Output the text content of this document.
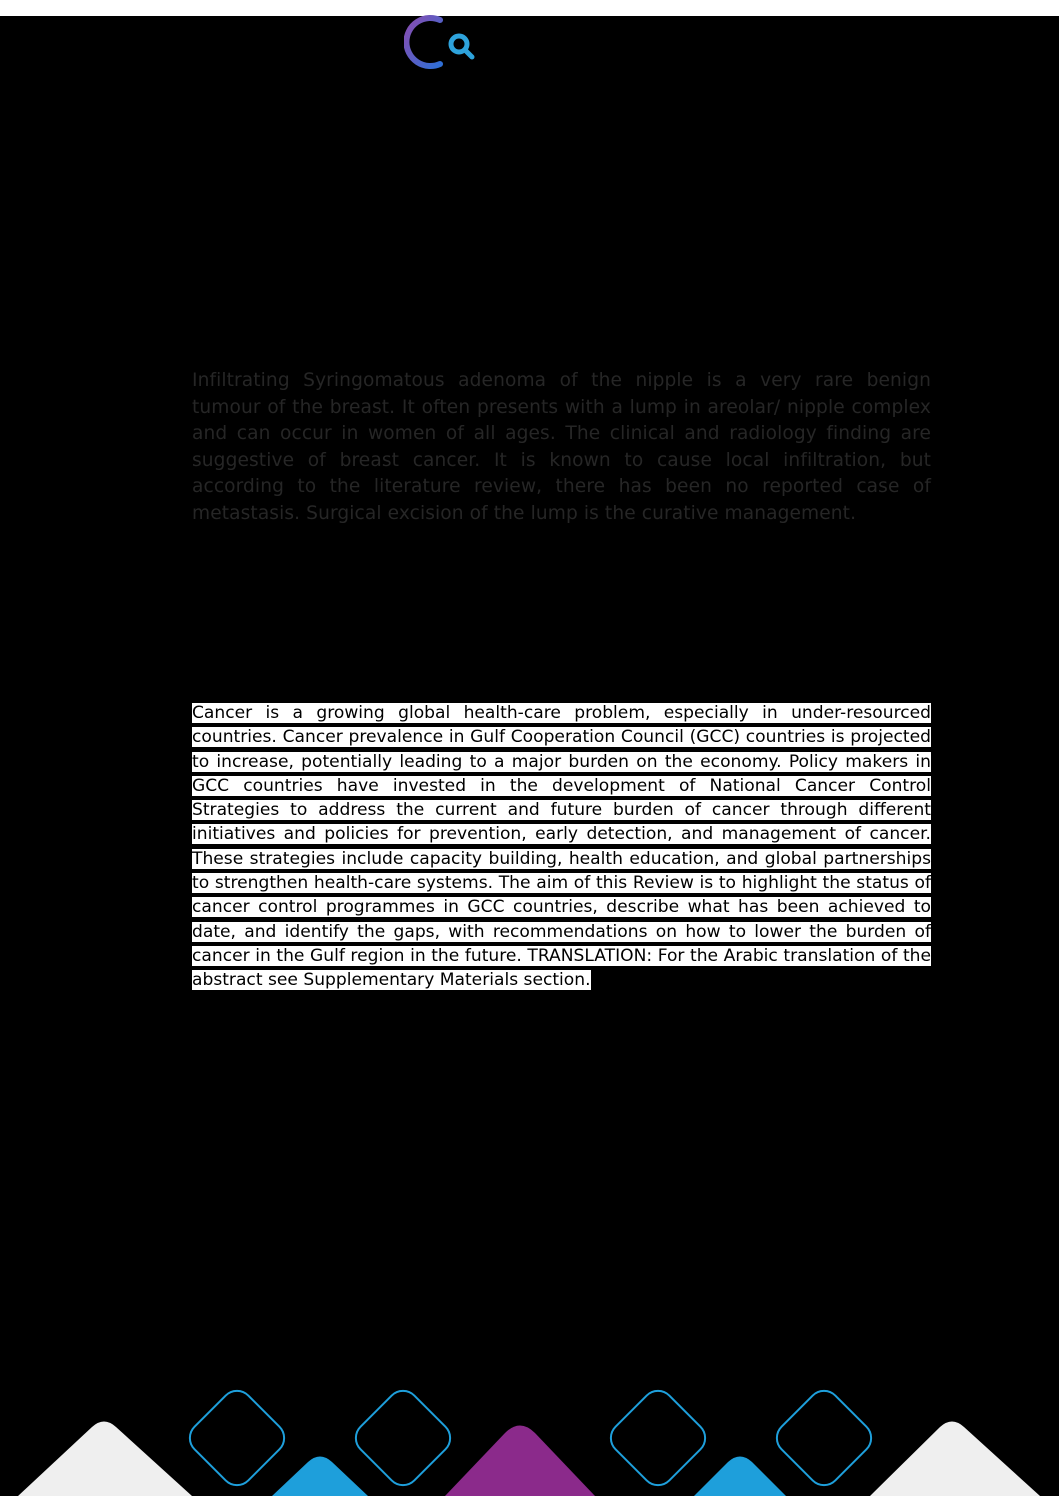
Infiltrating Syringomatous adenoma of the nipple is a very rare benign tumour of the breast. It often presents with a lump in areolar/ nipple complex and can occur in women of all ages. The clinical and radiology finding are suggestive of breast cancer. It is known to cause local infiltration, but according to the literature review, there has been no reported case of metastasis. Surgical excision of the lump is the curative management.

Cancer is a growing global health-care problem, especially in under-resourced countries. Cancer prevalence in Gulf Cooperation Council (GCC) countries is projected to increase, potentially leading to a major burden on the economy. Policy makers in GCC countries have invested in the development of National Cancer Control Strategies to address the current and future burden of cancer through different initiatives and policies for prevention, early detection, and management of cancer. These strategies include capacity building, health education, and global partnerships to strengthen health-care systems. The aim of this Review is to highlight the status of cancer control programmes in GCC countries, describe what has been achieved to date, and identify the gaps, with recommendations on how to lower the burden of cancer in the Gulf region in the future. TRANSLATION: For the Arabic translation of the abstract see Supplementary Materials section.
